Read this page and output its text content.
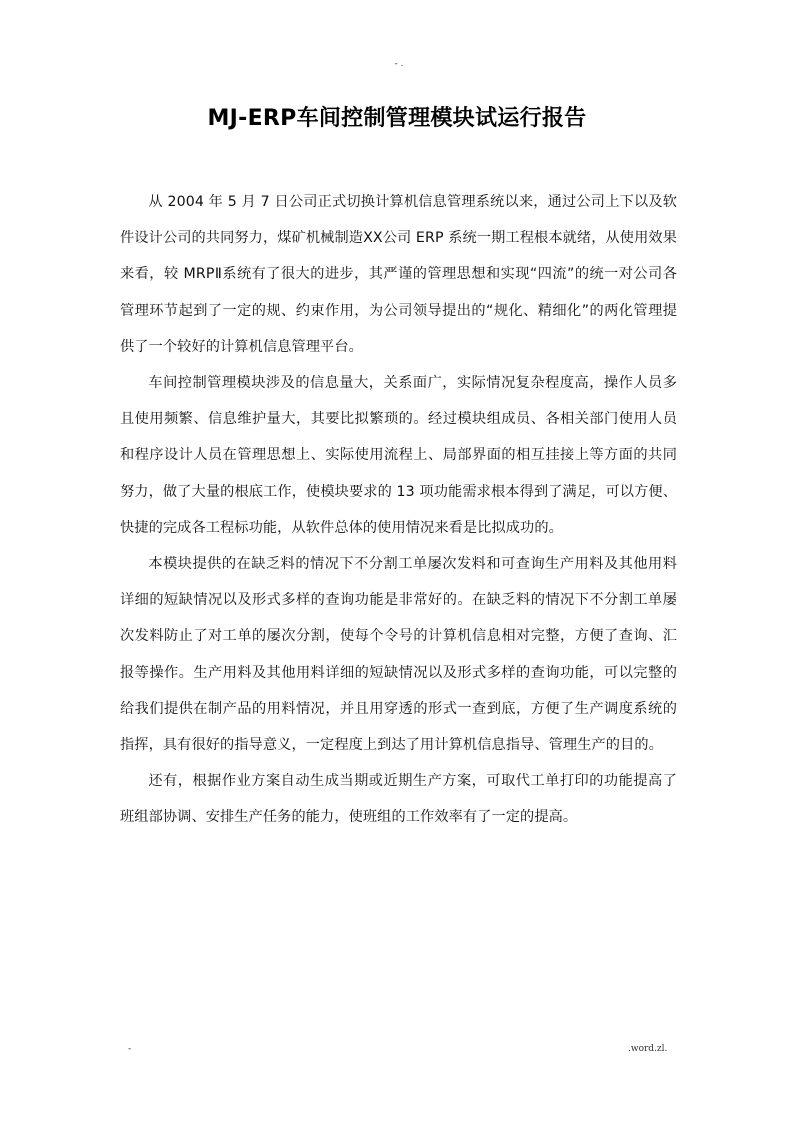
- .
MJ-ERP车间控制管理模块试运行报告

从 2004 年 5 月 7 日公司正式切换计算机信息管理系统以来，通过公司上下以及软件设计公司的共同努力，煤矿机械制造XX公司 ERP 系统一期工程根本就绪，从使用效果来看，较 MRPⅡ系统有了很大的进步，其严谨的管理思想和实现“四流”的统一对公司各管理环节起到了一定的规、约束作用，为公司领导提出的“规化、精细化”的两化管理提供了一个较好的计算机信息管理平台。

车间控制管理模块涉及的信息量大，关系面广，实际情况复杂程度高，操作人员多且使用频繁、信息维护量大，其要比拟繁琐的。经过模块组成员、各相关部门使用人员和程序设计人员在管理思想上、实际使用流程上、局部界面的相互挂接上等方面的共同努力，做了大量的根底工作，使模块要求的 13 项功能需求根本得到了满足，可以方便、快捷的完成各工程标功能，从软件总体的使用情况来看是比拟成功的。

本模块提供的在缺乏料的情况下不分割工单屡次发料和可查询生产用料及其他用料详细的短缺情况以及形式多样的查询功能是非常好的。在缺乏料的情况下不分割工单屡次发料防止了对工单的屡次分割，使每个令号的计算机信息相对完整，方便了查询、汇报等操作。生产用料及其他用料详细的短缺情况以及形式多样的查询功能，可以完整的给我们提供在制产品的用料情况，并且用穿透的形式一查到底，方便了生产调度系统的指挥，具有很好的指导意义，一定程度上到达了用计算机信息指导、管理生产的目的。

还有，根据作业方案自动生成当期或近期生产方案，可取代工单打印的功能提高了班组部协调、安排生产任务的能力，使班组的工作效率有了一定的提高。

-	.word.zl.
